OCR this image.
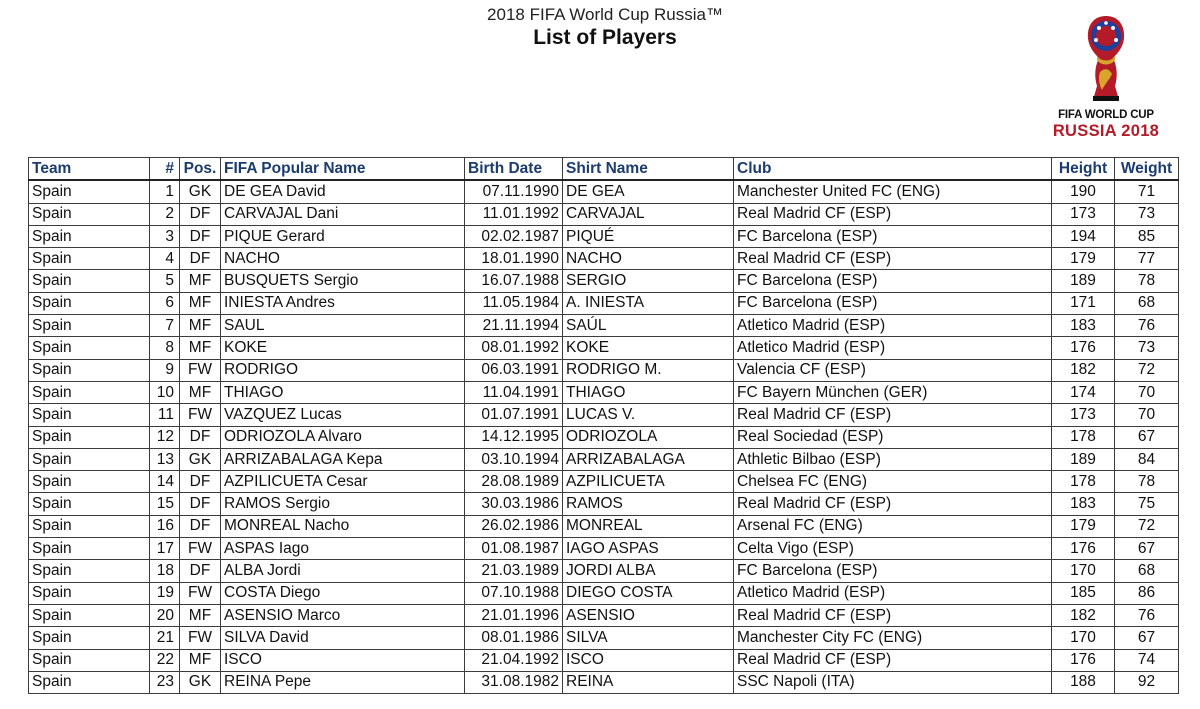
2018 FIFA World Cup Russia™
List of Players
FIFA WORLD CUP
RUSSIA 2018
Team	#	Pos.	FIFA Popular Name	Birth Date	Shirt Name	Club	Height	Weight
Spain	1	GK	DE GEA David	07.11.1990	DE GEA	Manchester United FC (ENG)	190	71
Spain	2	DF	CARVAJAL Dani	11.01.1992	CARVAJAL	Real Madrid CF (ESP)	173	73
Spain	3	DF	PIQUE Gerard	02.02.1987	PIQUÉ	FC Barcelona (ESP)	194	85
Spain	4	DF	NACHO	18.01.1990	NACHO	Real Madrid CF (ESP)	179	77
Spain	5	MF	BUSQUETS Sergio	16.07.1988	SERGIO	FC Barcelona (ESP)	189	78
Spain	6	MF	INIESTA Andres	11.05.1984	A. INIESTA	FC Barcelona (ESP)	171	68
Spain	7	MF	SAUL	21.11.1994	SAÚL	Atletico Madrid (ESP)	183	76
Spain	8	MF	KOKE	08.01.1992	KOKE	Atletico Madrid (ESP)	176	73
Spain	9	FW	RODRIGO	06.03.1991	RODRIGO M.	Valencia CF (ESP)	182	72
Spain	10	MF	THIAGO	11.04.1991	THIAGO	FC Bayern München (GER)	174	70
Spain	11	FW	VAZQUEZ Lucas	01.07.1991	LUCAS V.	Real Madrid CF (ESP)	173	70
Spain	12	DF	ODRIOZOLA Alvaro	14.12.1995	ODRIOZOLA	Real Sociedad (ESP)	178	67
Spain	13	GK	ARRIZABALAGA Kepa	03.10.1994	ARRIZABALAGA	Athletic Bilbao (ESP)	189	84
Spain	14	DF	AZPILICUETA Cesar	28.08.1989	AZPILICUETA	Chelsea FC (ENG)	178	78
Spain	15	DF	RAMOS Sergio	30.03.1986	RAMOS	Real Madrid CF (ESP)	183	75
Spain	16	DF	MONREAL Nacho	26.02.1986	MONREAL	Arsenal FC (ENG)	179	72
Spain	17	FW	ASPAS Iago	01.08.1987	IAGO ASPAS	Celta Vigo (ESP)	176	67
Spain	18	DF	ALBA Jordi	21.03.1989	JORDI ALBA	FC Barcelona (ESP)	170	68
Spain	19	FW	COSTA Diego	07.10.1988	DIEGO COSTA	Atletico Madrid (ESP)	185	86
Spain	20	MF	ASENSIO Marco	21.01.1996	ASENSIO	Real Madrid CF (ESP)	182	76
Spain	21	FW	SILVA David	08.01.1986	SILVA	Manchester City FC (ENG)	170	67
Spain	22	MF	ISCO	21.04.1992	ISCO	Real Madrid CF (ESP)	176	74
Spain	23	GK	REINA Pepe	31.08.1982	REINA	SSC Napoli (ITA)	188	92
